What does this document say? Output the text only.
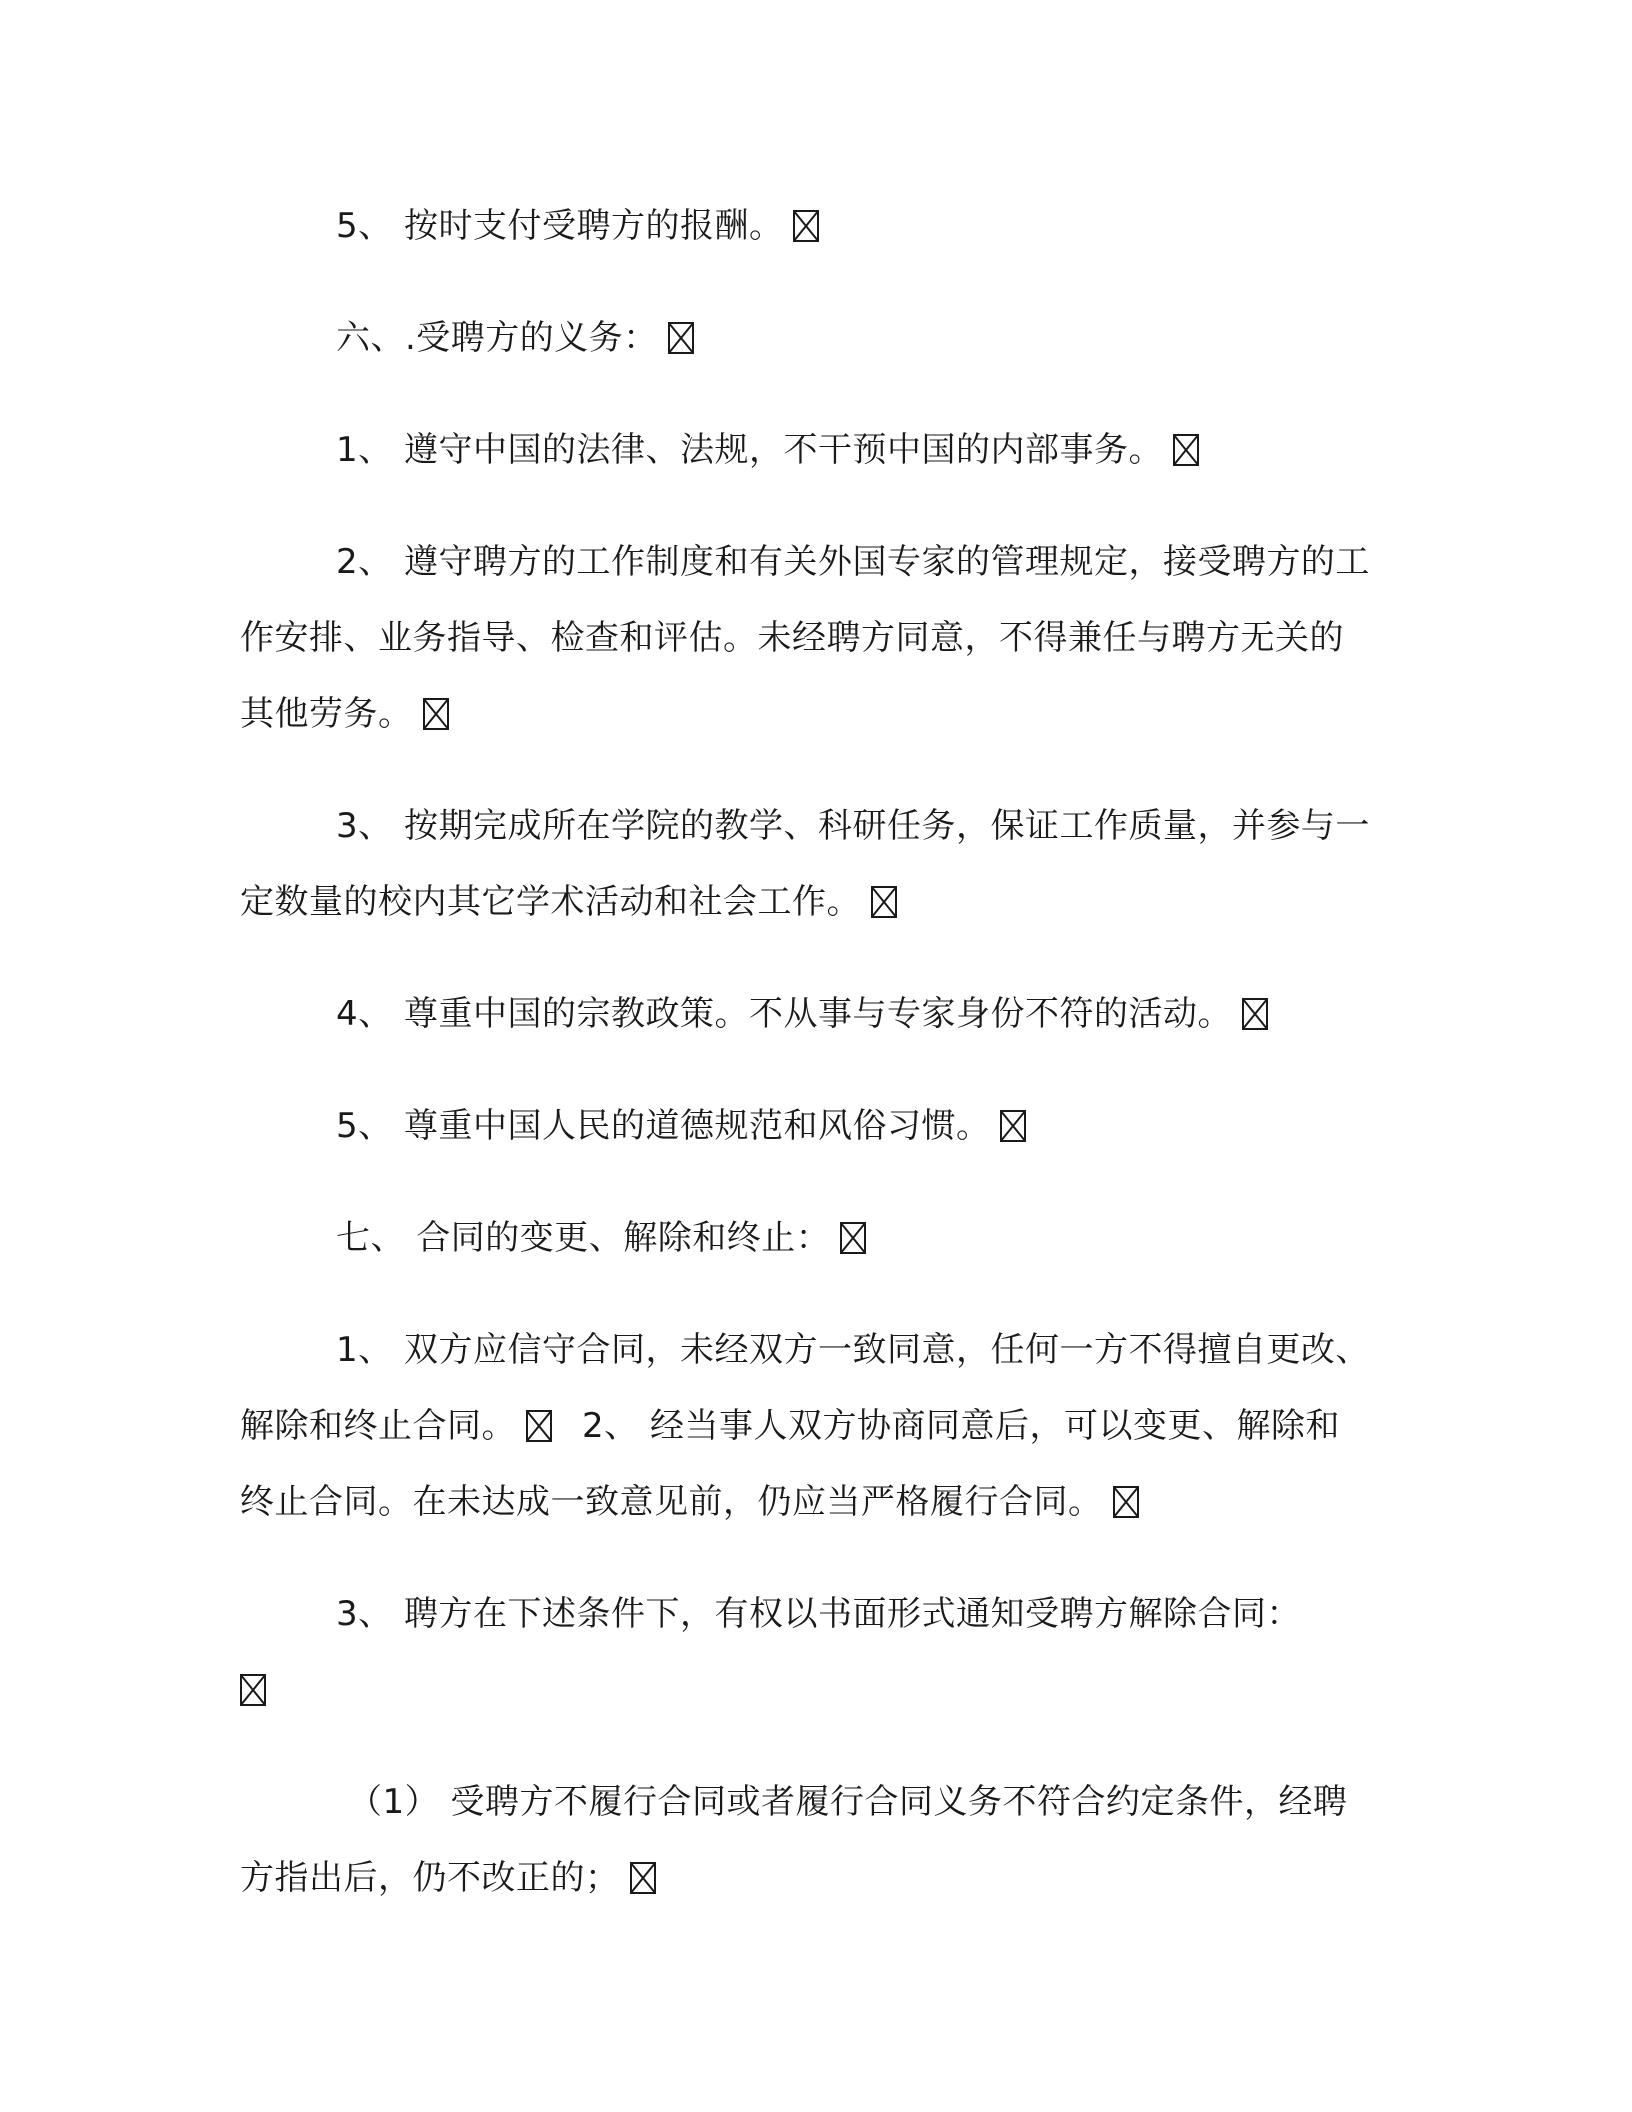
5、 按时支付受聘方的报酬。

六、.受聘方的义务：

1、 遵守中国的法律、法规，不干预中国的内部事务。

2、 遵守聘方的工作制度和有关外国专家的管理规定，接受聘方的工作安排、业务指导、检查和评估。未经聘方同意，不得兼任与聘方无关的其他劳务。

3、 按期完成所在学院的教学、科研任务，保证工作质量，并参与一定数量的校内其它学术活动和社会工作。

4、 尊重中国的宗教政策。不从事与专家身份不符的活动。

5、 尊重中国人民的道德规范和风俗习惯。

七、 合同的变更、解除和终止：

1、 双方应信守合同，未经双方一致同意，任何一方不得擅自更改、解除和终止合同。 2、 经当事人双方协商同意后，可以变更、解除和终止合同。在未达成一致意见前，仍应当严格履行合同。

3、 聘方在下述条件下，有权以书面形式通知受聘方解除合同：

（1） 受聘方不履行合同或者履行合同义务不符合约定条件，经聘方指出后，仍不改正的；
